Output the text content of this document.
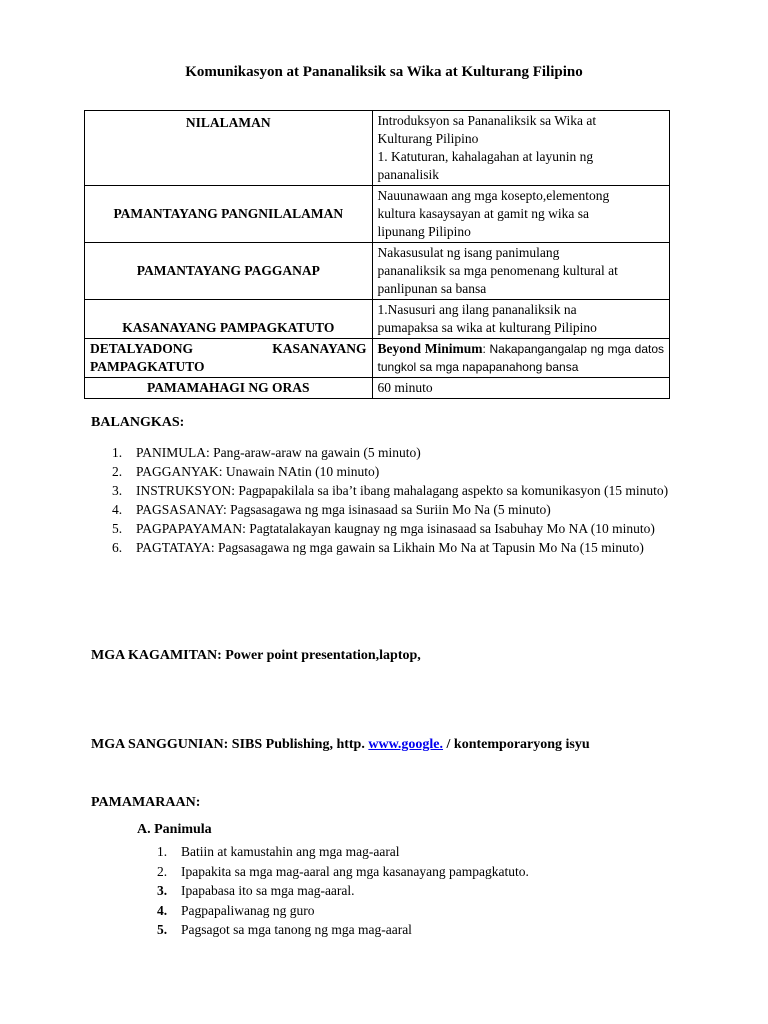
Komunikasyon at Pananaliksik sa Wika at Kulturang Filipino
NILALAMAN	Introduksyon sa Pananaliksik sa Wika at
Kulturang Pilipino
1. Katuturan, kahalagahan at layunin ng
pananalisik
PAMANTAYANG PANGNILALAMAN	Nauunawaan ang mga kosepto,elementong
kultura kasaysayan at gamit ng wika sa
lipunang Pilipino
PAMANTAYANG PAGGANAP	Nakasusulat ng isang panimulang
pananaliksik sa mga penomenang kultural at
panlipunan sa bansa
KASANAYANG PAMPAGKATUTO	1.Nasusuri ang ilang pananaliksik na
pumapaksa sa wika at kulturang Pilipino

DETALYADONG KASANAYANG
PAMPAGKATUTO	Beyond Minimum: Nakapangangalap ng mga datos tungkol sa mga napapanahong bansa
PAMAMAHAGI NG ORAS	60 minuto
BALANGKAS:
1.	PANIMULA: Pang-araw-araw na gawain (5 minuto)
2.	PAGGANYAK: Unawain NAtin (10 minuto)
3.	INSTRUKSYON: Pagpapakilala sa iba’t ibang mahalagang aspekto sa komunikasyon (15 minuto)
4.	PAGSASANAY: Pagsasagawa ng mga isinasaad sa Suriin Mo Na (5 minuto)
5.	PAGPAPAYAMAN: Pagtatalakayan kaugnay ng mga isinasaad sa Isabuhay Mo NA (10 minuto)
6.	PAGTATAYA: Pagsasagawa ng mga gawain sa Likhain Mo Na at Tapusin Mo Na (15 minuto)
MGA KAGAMITAN: Power point presentation,laptop,
MGA SANGGUNIAN: SIBS Publishing, http. www.google. / kontemporaryong isyu
PAMAMARAAN:
A. Panimula
1.	Batiin at kamustahin ang mga mag-aaral
2.	Ipapakita sa mga mag-aaral ang mga kasanayang pampagkatuto.
3.	Ipapabasa ito sa mga mag-aaral.
4.	Pagpapaliwanag ng guro
5.	Pagsagot sa mga tanong ng mga mag-aaral
